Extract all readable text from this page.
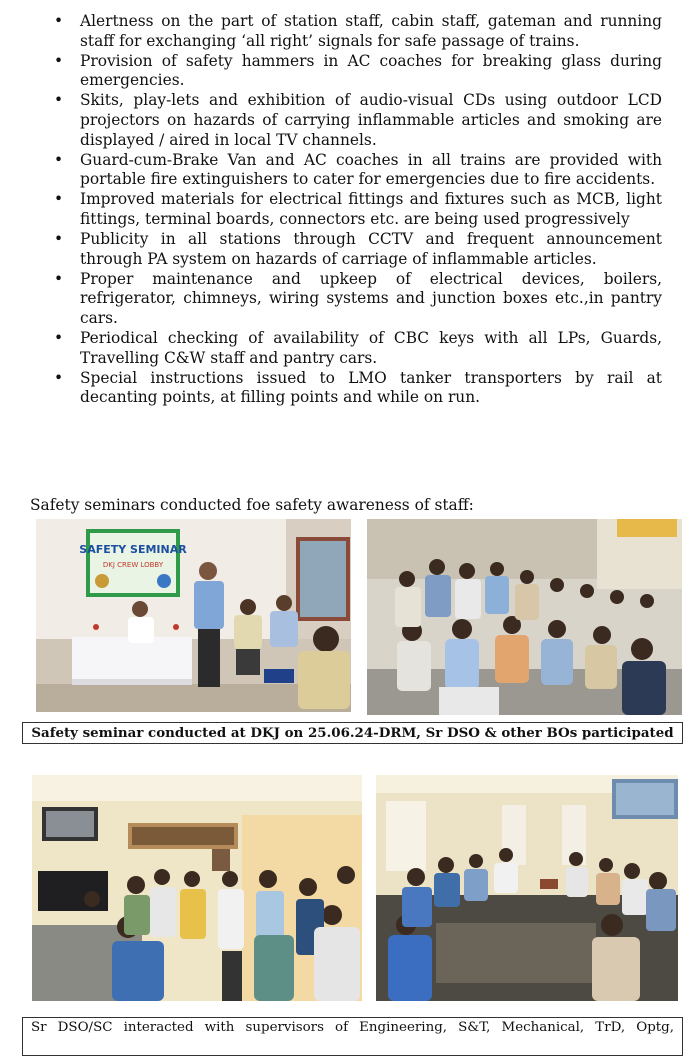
• Alertness on the part of station staff, cabin staff, gateman and running staff for exchanging ‘all right’ signals for safe passage of trains.
• Provision of safety hammers in AC coaches for breaking glass during emergencies.
• Skits, play-lets and exhibition of audio-visual CDs using outdoor LCD projectors on hazards of carrying inflammable articles and smoking are displayed / aired in local TV channels.
• Guard-cum-Brake Van and AC coaches in all trains are provided with portable fire extinguishers to cater for emergencies due to fire accidents.
• Improved materials for electrical fittings and fixtures such as MCB, light fittings, terminal boards, connectors etc. are being used progressively
• Publicity in all stations through CCTV and frequent announcement through PA system on hazards of carriage of inflammable articles.
• Proper maintenance and upkeep of electrical devices, boilers, refrigerator, chimneys, wiring systems and junction boxes etc.,in pantry cars.
• Periodical checking of availability of CBC keys with all LPs, Guards, Travelling C&W staff and pantry cars.
• Special instructions issued to LMO tanker transporters by rail at decanting points, at filling points and while on run.
Safety seminars conducted foe safety awareness of staff:
SAFETY SEMINAR
DKJ CREW LOBBY
Safety seminar conducted at DKJ on 25.06.24-DRM, Sr DSO & other BOs participated
Sr DSO/SC interacted with supervisors of Engineering, S&T, Mechanical, TrD, Optg,
